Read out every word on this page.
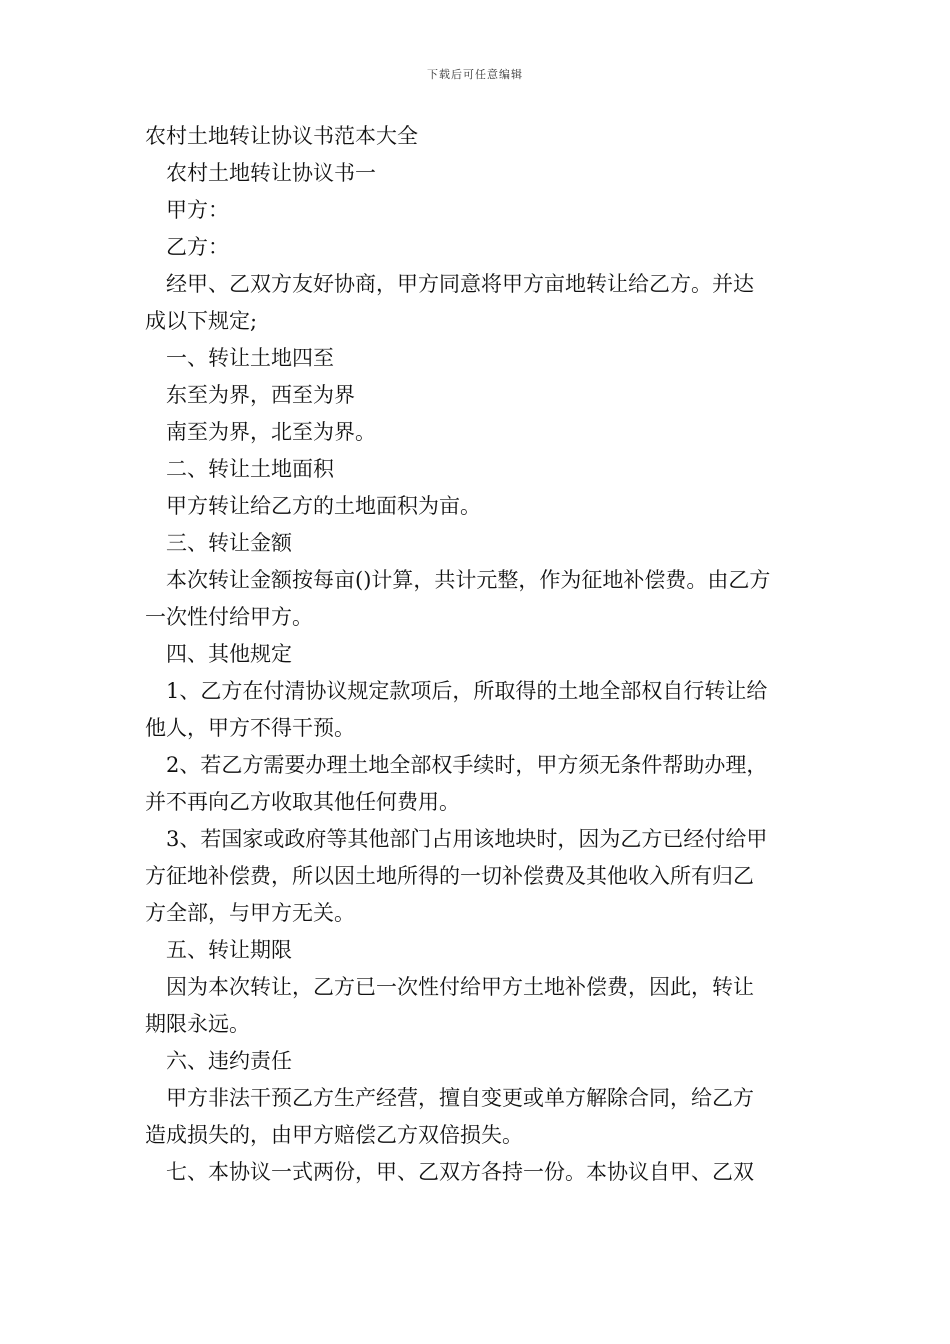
下载后可任意编辑
农村土地转让协议书范本大全
农村土地转让协议书一
甲方：
乙方：
经甲、乙双方友好协商，甲方同意将甲方亩地转让给乙方。并达
成以下规定;
一、转让土地四至
东至为界，西至为界
南至为界，北至为界。
二、转让土地面积
甲方转让给乙方的土地面积为亩。
三、转让金额
本次转让金额按每亩()计算，共计元整，作为征地补偿费。由乙方
一次性付给甲方。
四、其他规定
1、乙方在付清协议规定款项后，所取得的土地全部权自行转让给
他人，甲方不得干预。
2、若乙方需要办理土地全部权手续时，甲方须无条件帮助办理，
并不再向乙方收取其他任何费用。
3、若国家或政府等其他部门占用该地块时，因为乙方已经付给甲
方征地补偿费，所以因土地所得的一切补偿费及其他收入所有归乙
方全部，与甲方无关。
五、转让期限
因为本次转让，乙方已一次性付给甲方土地补偿费，因此，转让
期限永远。
六、违约责任
甲方非法干预乙方生产经营，擅自变更或单方解除合同，给乙方
造成损失的，由甲方赔偿乙方双倍损失。
七、本协议一式两份，甲、乙双方各持一份。本协议自甲、乙双
